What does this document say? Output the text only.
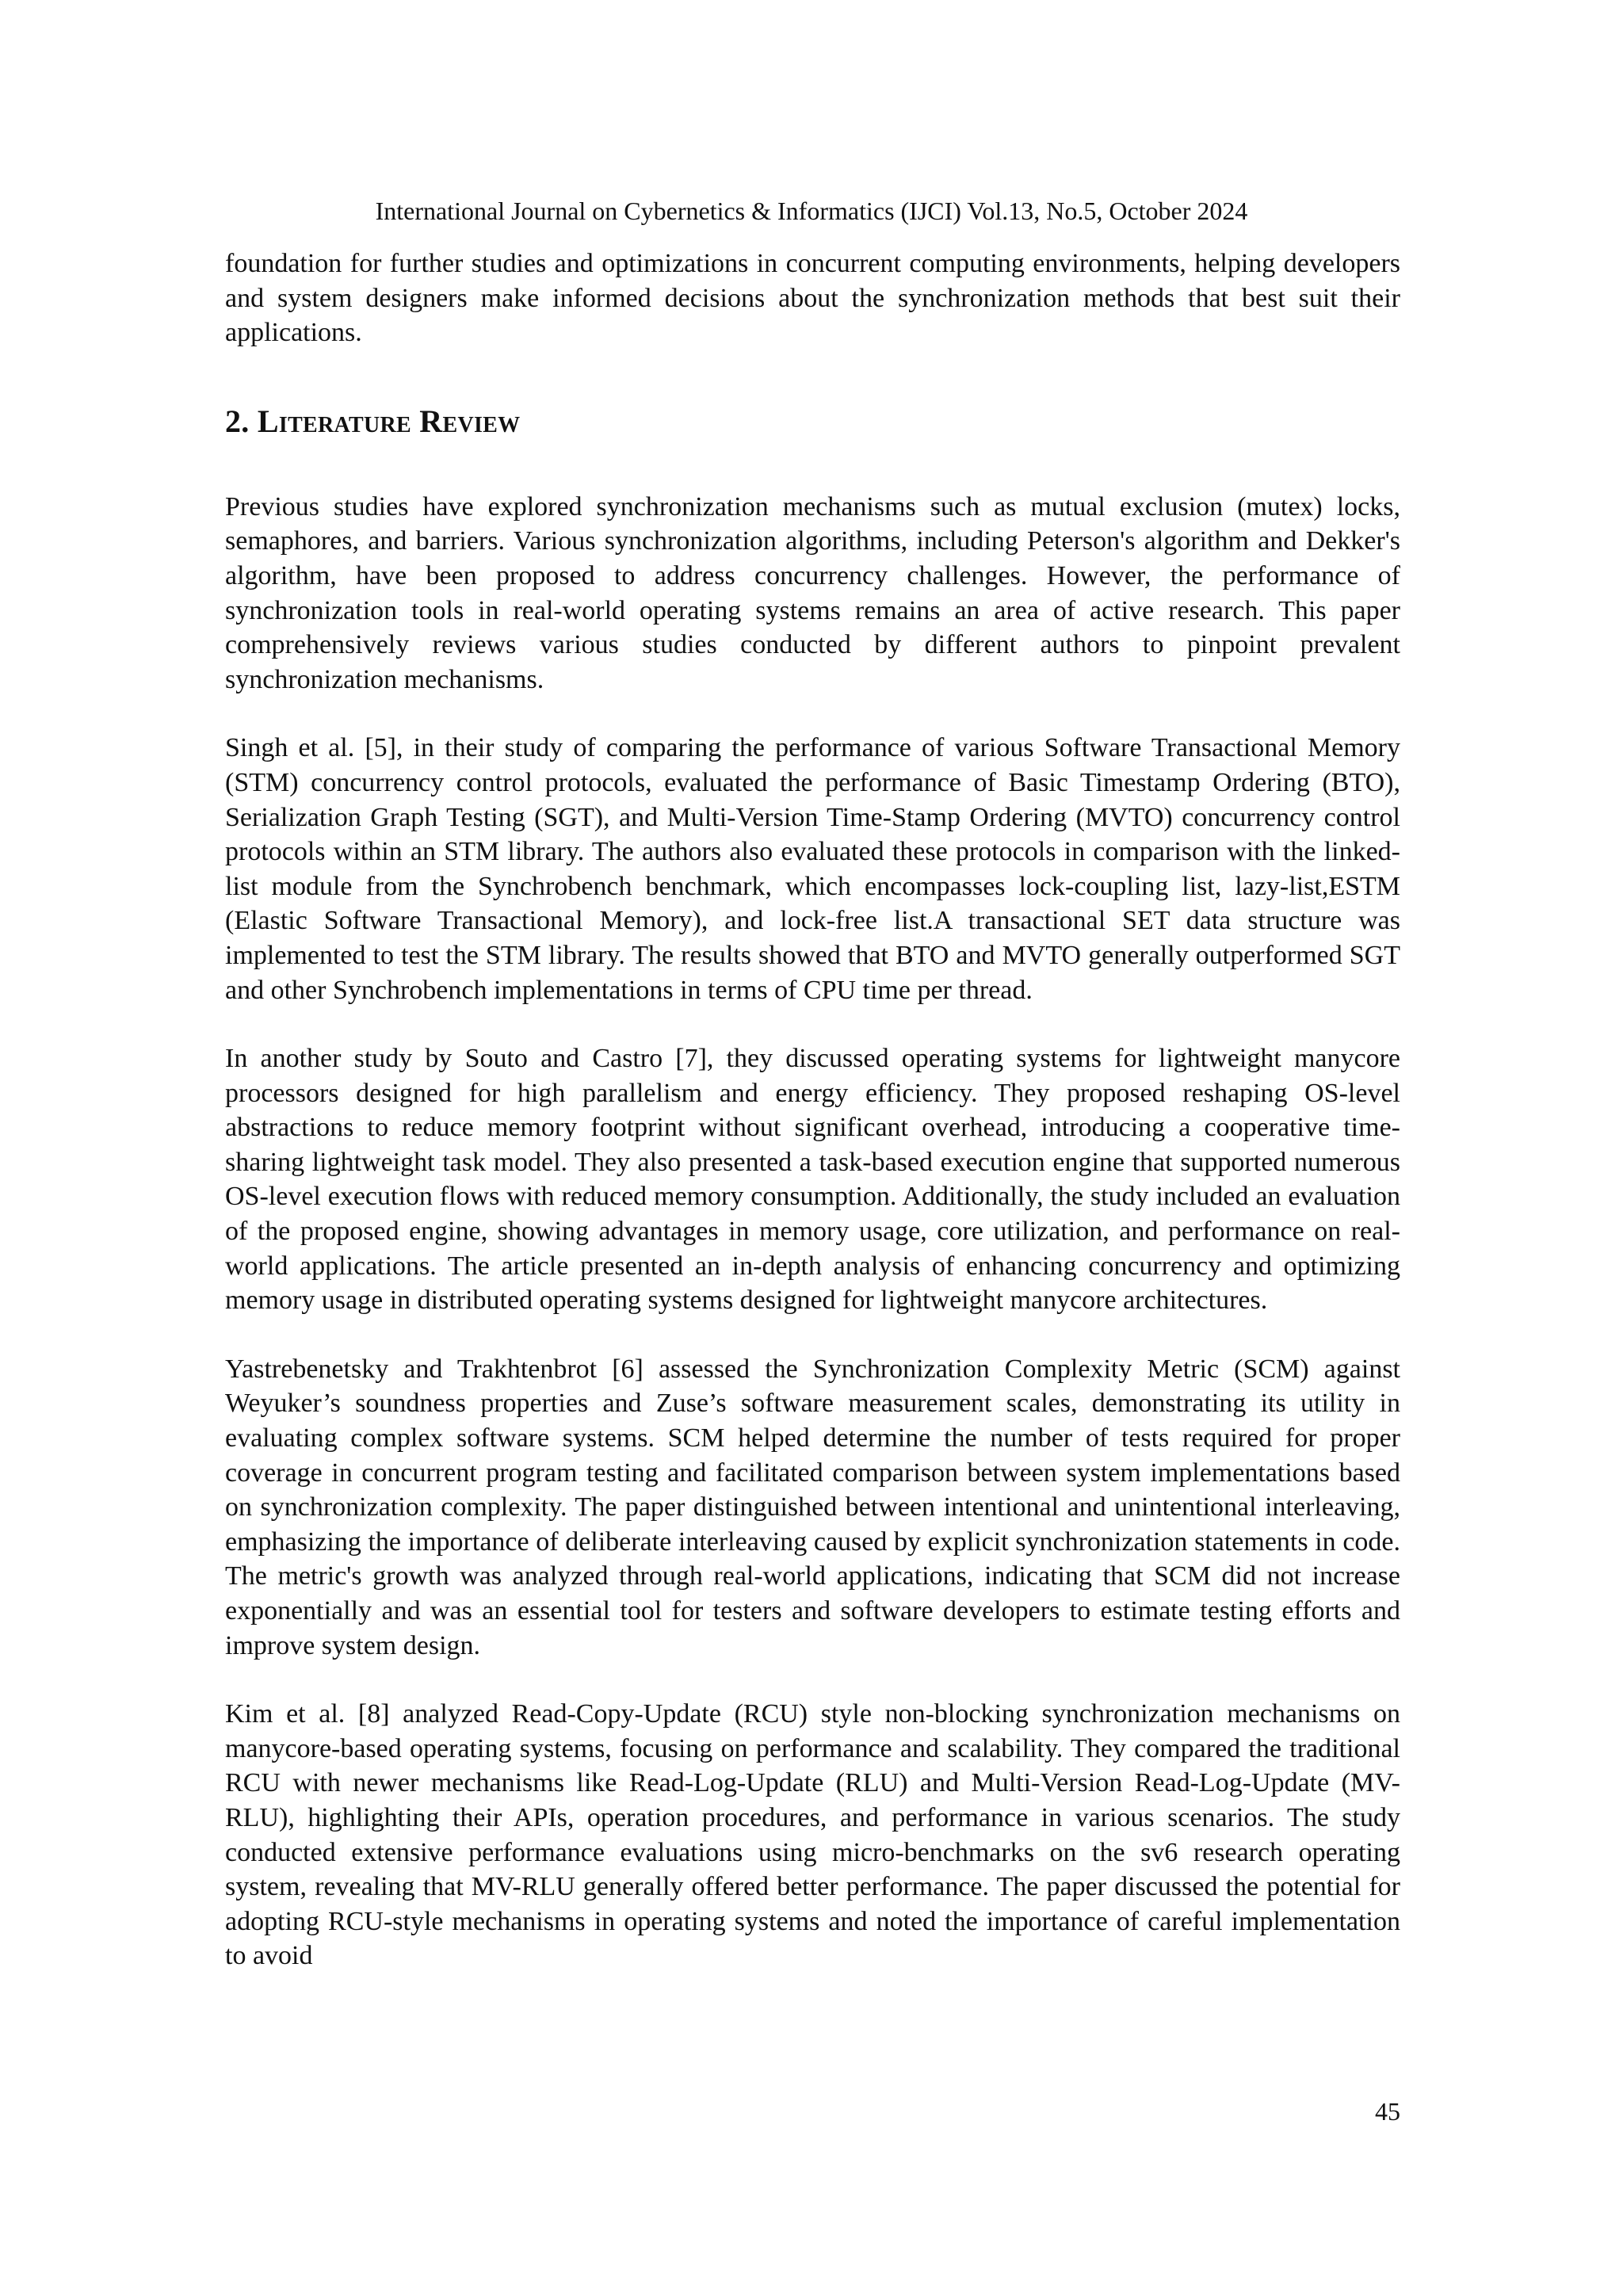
International Journal on Cybernetics & Informatics (IJCI) Vol.13, No.5, October 2024

foundation for further studies and optimizations in concurrent computing environments, helping developers and system designers make informed decisions about the synchronization methods that best suit their applications.

2. Literature Review

Previous studies have explored synchronization mechanisms such as mutual exclusion (mutex) locks, semaphores, and barriers. Various synchronization algorithms, including Peterson's algorithm and Dekker's algorithm, have been proposed to address concurrency challenges. However, the performance of synchronization tools in real-world operating systems remains an area of active research. This paper comprehensively reviews various studies conducted by different authors to pinpoint prevalent synchronization mechanisms.

Singh et al. [5], in their study of comparing the performance of various Software Transactional Memory (STM) concurrency control protocols, evaluated the performance of Basic Timestamp Ordering (BTO), Serialization Graph Testing (SGT), and Multi-Version Time-Stamp Ordering (MVTO) concurrency control protocols within an STM library. The authors also evaluated these protocols in comparison with the linked-list module from the Synchrobench benchmark, which encompasses lock-coupling list, lazy-list,ESTM (Elastic Software Transactional Memory), and lock-free list.A transactional SET data structure was implemented to test the STM library. The results showed that BTO and MVTO generally outperformed SGT and other Synchrobench implementations in terms of CPU time per thread.

In another study by Souto and Castro [7], they discussed operating systems for lightweight manycore processors designed for high parallelism and energy efficiency. They proposed reshaping OS-level abstractions to reduce memory footprint without significant overhead, introducing a cooperative time-sharing lightweight task model. They also presented a task-based execution engine that supported numerous OS-level execution flows with reduced memory consumption. Additionally, the study included an evaluation of the proposed engine, showing advantages in memory usage, core utilization, and performance on real-world applications. The article presented an in-depth analysis of enhancing concurrency and optimizing memory usage in distributed operating systems designed for lightweight manycore architectures.

Yastrebenetsky and Trakhtenbrot [6] assessed the Synchronization Complexity Metric (SCM) against Weyuker’s soundness properties and Zuse’s software measurement scales, demonstrating its utility in evaluating complex software systems. SCM helped determine the number of tests required for proper coverage in concurrent program testing and facilitated comparison between system implementations based on synchronization complexity. The paper distinguished between intentional and unintentional interleaving, emphasizing the importance of deliberate interleaving caused by explicit synchronization statements in code. The metric's growth was analyzed through real-world applications, indicating that SCM did not increase exponentially and was an essential tool for testers and software developers to estimate testing efforts and improve system design.

Kim et al. [8] analyzed Read-Copy-Update (RCU) style non-blocking synchronization mechanisms on manycore-based operating systems, focusing on performance and scalability. They compared the traditional RCU with newer mechanisms like Read-Log-Update (RLU) and Multi-Version Read-Log-Update (MV-RLU), highlighting their APIs, operation procedures, and performance in various scenarios. The study conducted extensive performance evaluations using micro-benchmarks on the sv6 research operating system, revealing that MV-RLU generally offered better performance. The paper discussed the potential for adopting RCU-style mechanisms in operating systems and noted the importance of careful implementation to avoid

45
